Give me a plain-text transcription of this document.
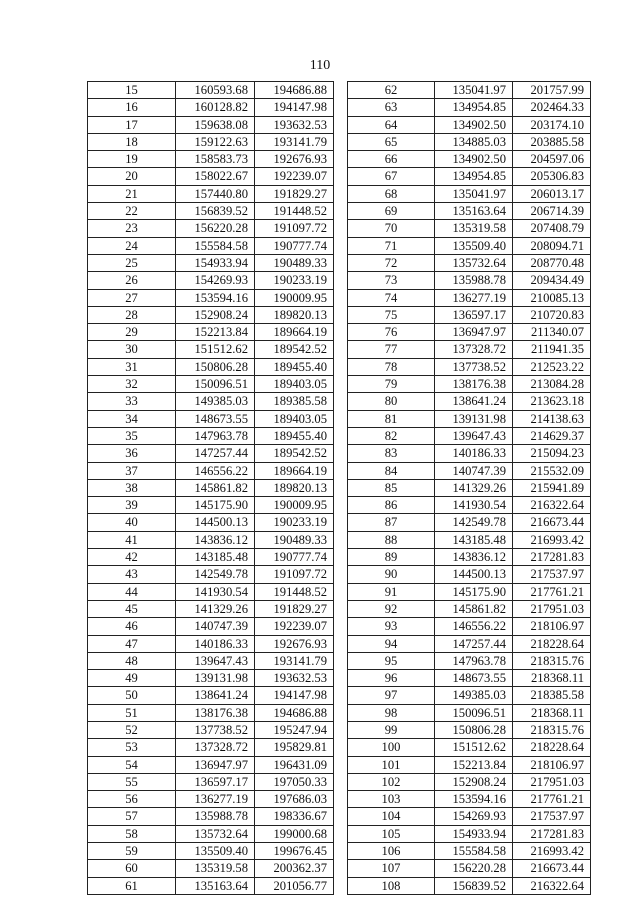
110
15	160593.68	194686.88
16	160128.82	194147.98
17	159638.08	193632.53
18	159122.63	193141.79
19	158583.73	192676.93
20	158022.67	192239.07
21	157440.80	191829.27
22	156839.52	191448.52
23	156220.28	191097.72
24	155584.58	190777.74
25	154933.94	190489.33
26	154269.93	190233.19
27	153594.16	190009.95
28	152908.24	189820.13
29	152213.84	189664.19
30	151512.62	189542.52
31	150806.28	189455.40
32	150096.51	189403.05
33	149385.03	189385.58
34	148673.55	189403.05
35	147963.78	189455.40
36	147257.44	189542.52
37	146556.22	189664.19
38	145861.82	189820.13
39	145175.90	190009.95
40	144500.13	190233.19
41	143836.12	190489.33
42	143185.48	190777.74
43	142549.78	191097.72
44	141930.54	191448.52
45	141329.26	191829.27
46	140747.39	192239.07
47	140186.33	192676.93
48	139647.43	193141.79
49	139131.98	193632.53
50	138641.24	194147.98
51	138176.38	194686.88
52	137738.52	195247.94
53	137328.72	195829.81
54	136947.97	196431.09
55	136597.17	197050.33
56	136277.19	197686.03
57	135988.78	198336.67
58	135732.64	199000.68
59	135509.40	199676.45
60	135319.58	200362.37
61	135163.64	201056.77
62	135041.97	201757.99
63	134954.85	202464.33
64	134902.50	203174.10
65	134885.03	203885.58
66	134902.50	204597.06
67	134954.85	205306.83
68	135041.97	206013.17
69	135163.64	206714.39
70	135319.58	207408.79
71	135509.40	208094.71
72	135732.64	208770.48
73	135988.78	209434.49
74	136277.19	210085.13
75	136597.17	210720.83
76	136947.97	211340.07
77	137328.72	211941.35
78	137738.52	212523.22
79	138176.38	213084.28
80	138641.24	213623.18
81	139131.98	214138.63
82	139647.43	214629.37
83	140186.33	215094.23
84	140747.39	215532.09
85	141329.26	215941.89
86	141930.54	216322.64
87	142549.78	216673.44
88	143185.48	216993.42
89	143836.12	217281.83
90	144500.13	217537.97
91	145175.90	217761.21
92	145861.82	217951.03
93	146556.22	218106.97
94	147257.44	218228.64
95	147963.78	218315.76
96	148673.55	218368.11
97	149385.03	218385.58
98	150096.51	218368.11
99	150806.28	218315.76
100	151512.62	218228.64
101	152213.84	218106.97
102	152908.24	217951.03
103	153594.16	217761.21
104	154269.93	217537.97
105	154933.94	217281.83
106	155584.58	216993.42
107	156220.28	216673.44
108	156839.52	216322.64
